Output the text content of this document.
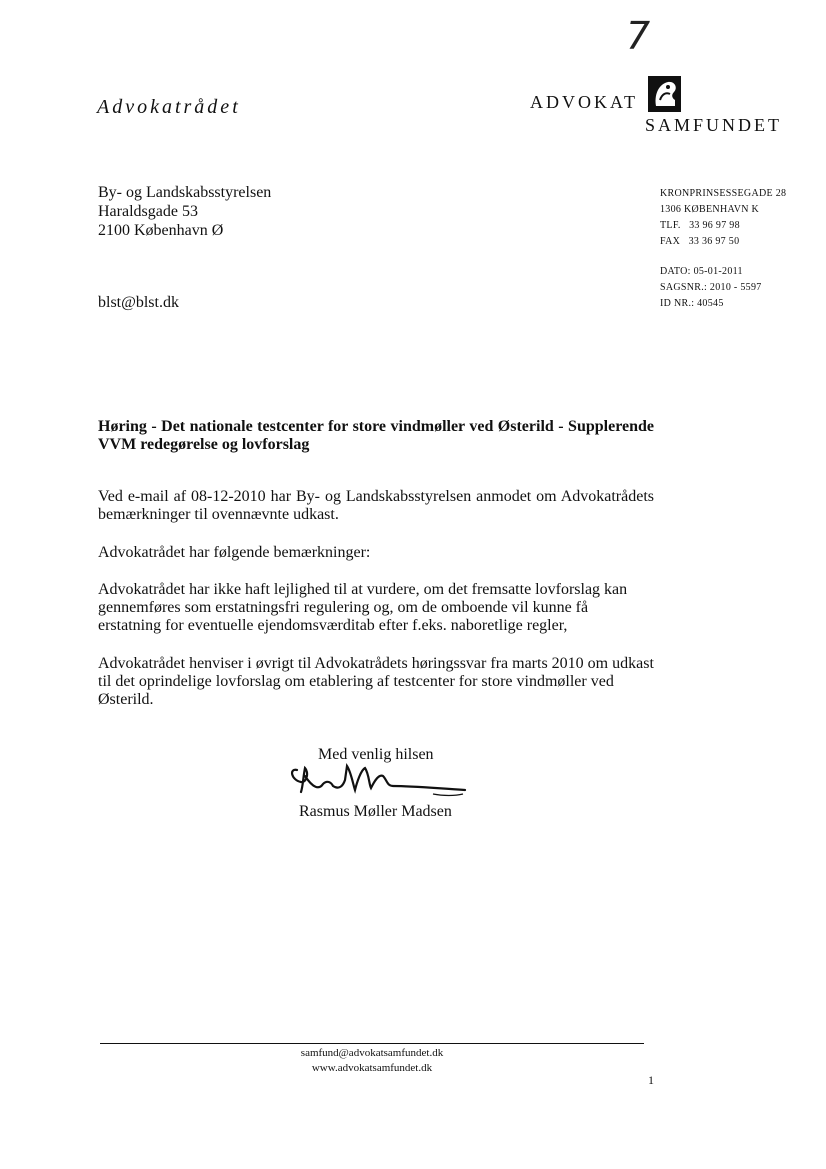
7
Advokatrådet	ADVOKAT
SAMFUNDET
By- og Landskabsstyrelsen
Haraldsgade 53
2100 København Ø
blst@blst.dk
KRONPRINSESSEGADE 28
1306 KØBENHAVN K
TLF. 33 96 97 98
FAX 33 36 97 50
DATO: 05-01-2011
SAGSNR.: 2010 - 5597
ID NR.: 40545
Høring - Det nationale testcenter for store vindmøller ved Østerild - Supplerende VVM redegørelse og lovforslag
Ved e-mail af 08-12-2010 har By- og Landskabsstyrelsen anmodet om Advokatrådets bemærkninger til ovennævnte udkast.
Advokatrådet har følgende bemærkninger:
Advokatrådet har ikke haft lejlighed til at vurdere, om det fremsatte lovforslag kan gennemføres som erstatningsfri regulering og, om de omboende vil kunne få erstatning for eventuelle ejendomsværditab efter f.eks. naboretlige regler,
Advokatrådet henviser i øvrigt til Advokatrådets høringssvar fra marts 2010 om udkast til det oprindelige lovforslag om etablering af testcenter for store vindmøller ved Østerild.
Med venlig hilsen
Rasmus Møller Madsen
samfund@advokatsamfundet.dk
www.advokatsamfundet.dk
1
